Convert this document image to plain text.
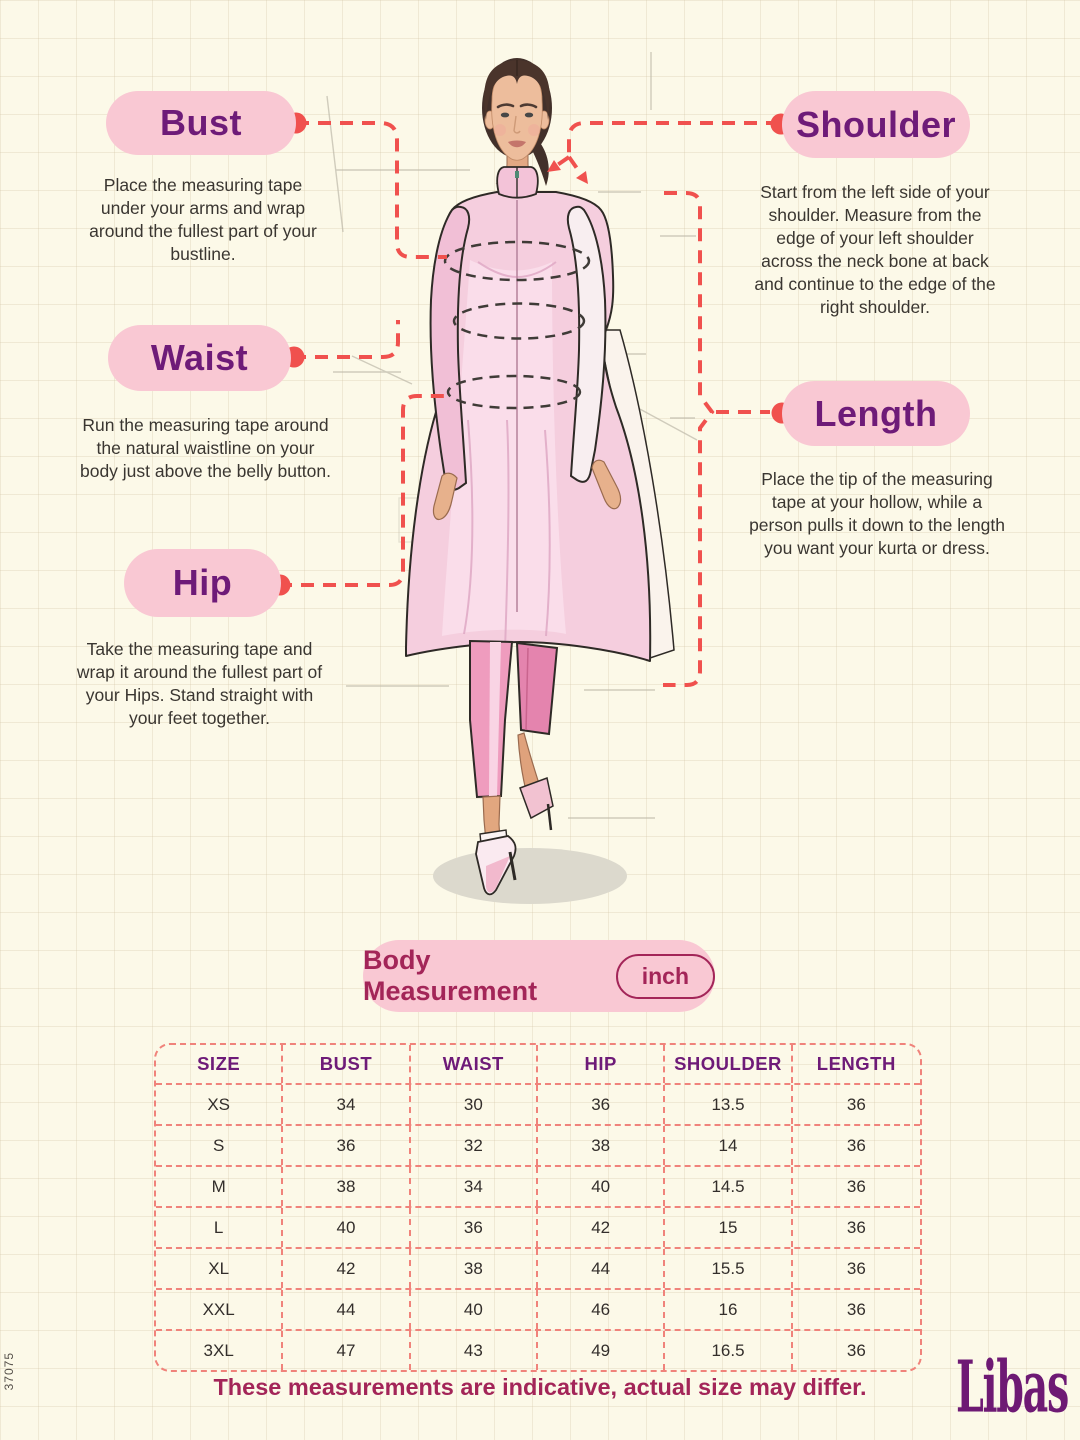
Bust
Place the measuring tape under your arms and wrap around the fullest part of your bustline.
Waist
Run the measuring tape around the natural waistline on your body just above the belly button.
Hip
Take the measuring tape and wrap it around the fullest part of your Hips. Stand straight with your feet together.
Shoulder
Start from the left side of your shoulder. Measure from the edge of your left shoulder across the neck bone at back and continue to the edge of the right shoulder.
Length
Place the tip of the measuring tape at your hollow, while a person pulls it down to the length you want your kurta or dress.
Body Measurement
inch
SIZE	BUST	WAIST	HIP	SHOULDER	LENGTH
XS	34	30	36	13.5	36
S	36	32	38	14	36
M	38	34	40	14.5	36
L	40	36	42	15	36
XL	42	38	44	15.5	36
XXL	44	40	46	16	36
3XL	47	43	49	16.5	36
These measurements are indicative, actual size may differ.	Libas
37075
